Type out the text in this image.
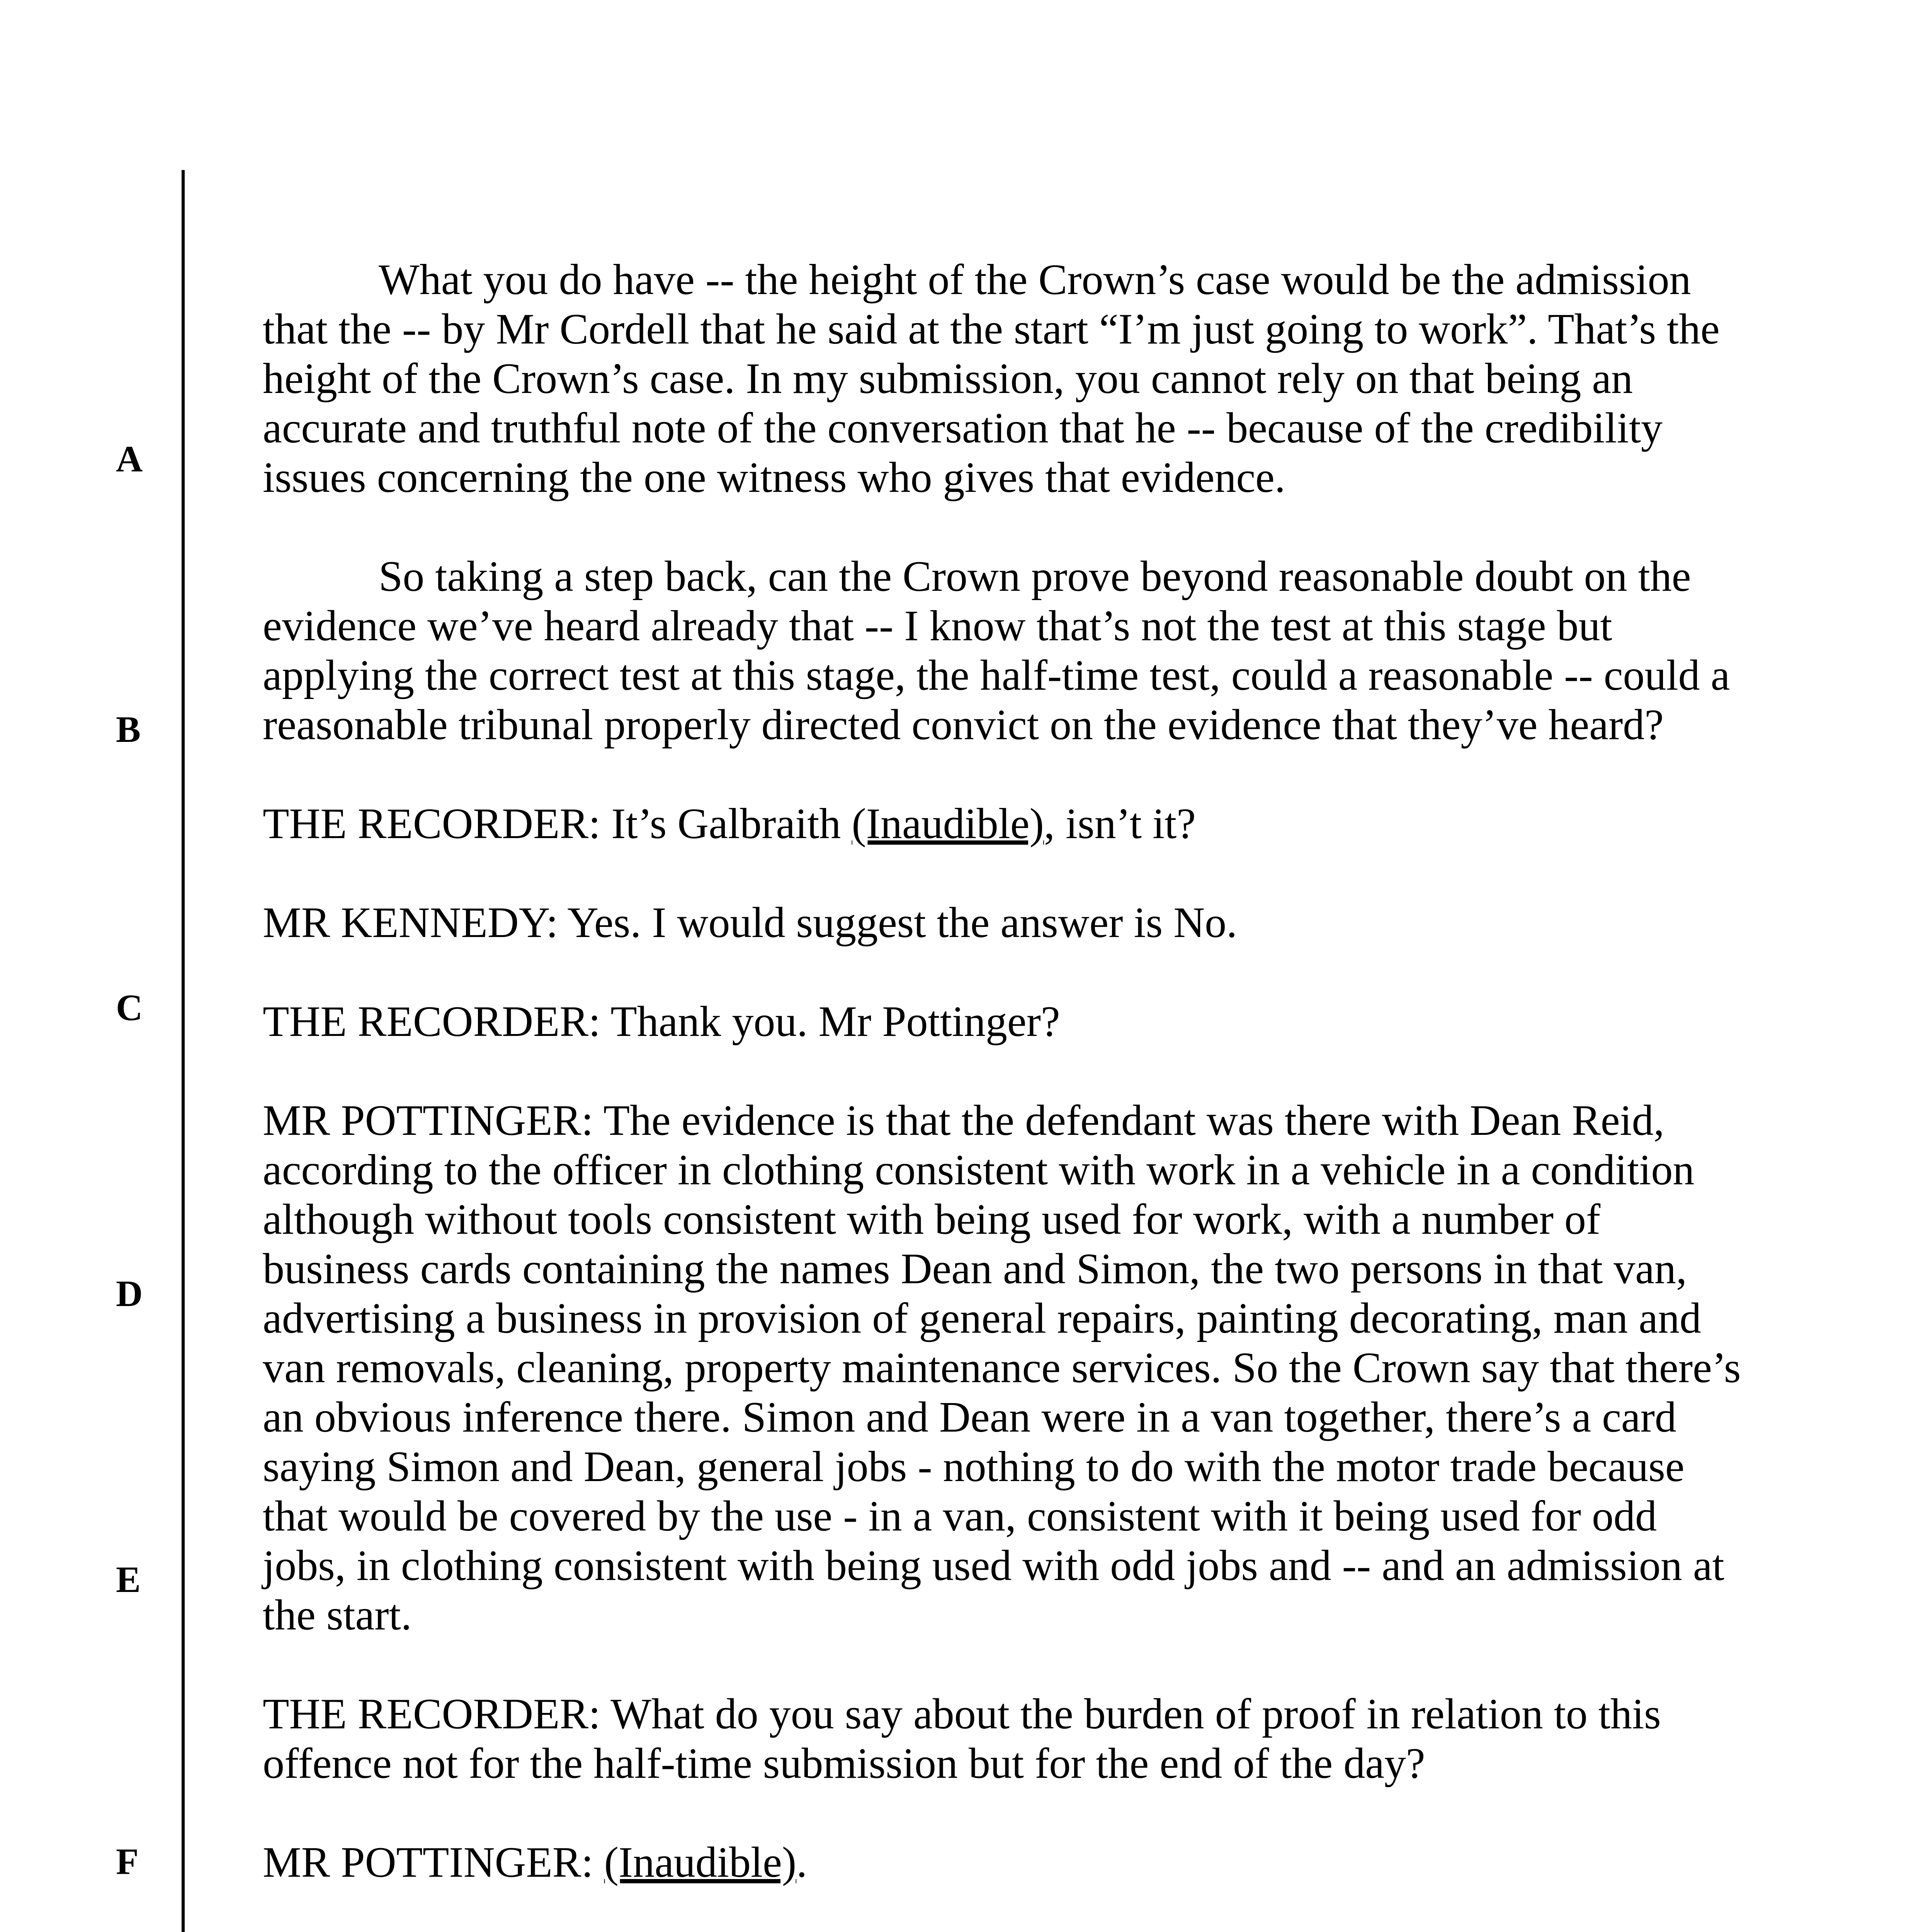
A
B
C
D
E
F

What you do have -- the height of the Crown’s case would be the admission that the -- by Mr Cordell that he said at the start “I’m just going to work”. That’s the height of the Crown’s case. In my submission, you cannot rely on that being an accurate and truthful note of the conversation that he -- because of the credibility issues concerning the one witness who gives that evidence.

So taking a step back, can the Crown prove beyond reasonable doubt on the evidence we’ve heard already that -- I know that’s not the test at this stage but applying the correct test at this stage, the half-time test, could a reasonable -- could a reasonable tribunal properly directed convict on the evidence that they’ve heard?

THE RECORDER: It’s Galbraith (Inaudible), isn’t it?

MR KENNEDY: Yes. I would suggest the answer is No.

THE RECORDER: Thank you. Mr Pottinger?

MR POTTINGER: The evidence is that the defendant was there with Dean Reid, according to the officer in clothing consistent with work in a vehicle in a condition although without tools consistent with being used for work, with a number of business cards containing the names Dean and Simon, the two persons in that van, advertising a business in provision of general repairs, painting decorating, man and van removals, cleaning, property maintenance services. So the Crown say that there’s an obvious inference there. Simon and Dean were in a van together, there’s a card saying Simon and Dean, general jobs - nothing to do with the motor trade because that would be covered by the use - in a van, consistent with it being used for odd jobs, in clothing consistent with being used with odd jobs and -- and an admission at the start.

THE RECORDER: What do you say about the burden of proof in relation to this offence not for the half-time submission but for the end of the day?

MR POTTINGER: (Inaudible).
